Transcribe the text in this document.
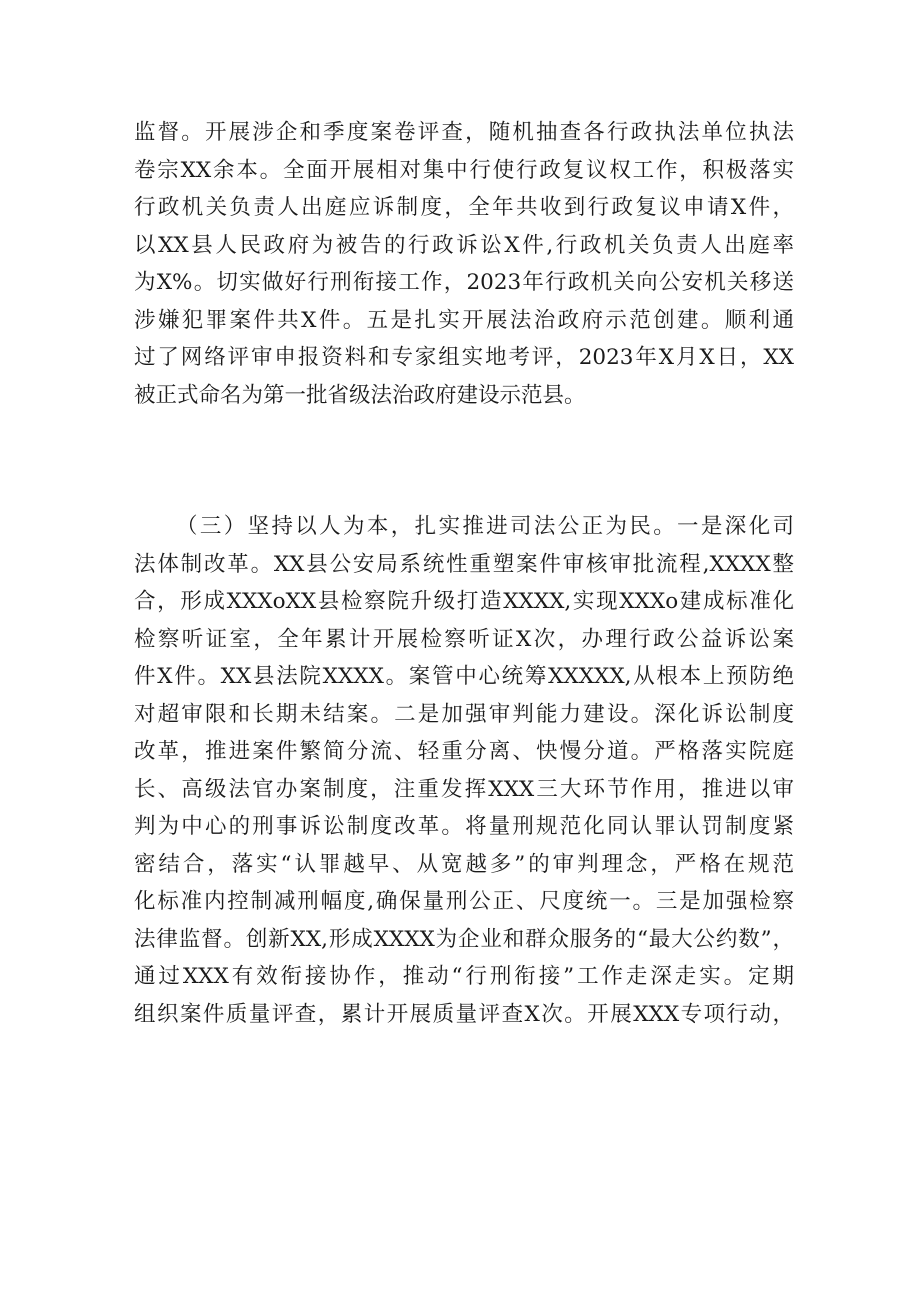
监督。开展涉企和季度案卷评查，随机抽查各行政执法单位执法
卷宗XX余本。全面开展相对集中行使行政复议权工作，积极落实
行政机关负责人出庭应诉制度，全年共收到行政复议申请X件，
以XX县人民政府为被告的行政诉讼X件,行政机关负责人出庭率
为X%。切实做好行刑衔接工作，2023年行政机关向公安机关移送
涉嫌犯罪案件共X件。五是扎实开展法治政府示范创建。顺利通
过了网络评审申报资料和专家组实地考评，2023年X月X日，XX
被正式命名为第一批省级法治政府建设示范县。
（三）坚持以人为本，扎实推进司法公正为民。一是深化司
法体制改革。XX县公安局系统性重塑案件审核审批流程,XXXX整
合，形成XXXoXX县检察院升级打造XXXX,实现XXXo建成标准化
检察听证室，全年累计开展检察听证X次，办理行政公益诉讼案
件X件。XX县法院XXXX。案管中心统筹XXXXX,从根本上预防绝
对超审限和长期未结案。二是加强审判能力建设。深化诉讼制度
改革，推进案件繁简分流、轻重分离、快慢分道。严格落实院庭
长、高级法官办案制度，注重发挥XXX三大环节作用，推进以审
判为中心的刑事诉讼制度改革。将量刑规范化同认罪认罚制度紧
密结合，落实“认罪越早、从宽越多”的审判理念，严格在规范
化标准内控制减刑幅度,确保量刑公正、尺度统一。三是加强检察
法律监督。创新XX,形成XXXX为企业和群众服务的“最大公约数”，
通过XXX有效衔接协作，推动“行刑衔接”工作走深走实。定期
组织案件质量评查，累计开展质量评查X次。开展XXX专项行动，
